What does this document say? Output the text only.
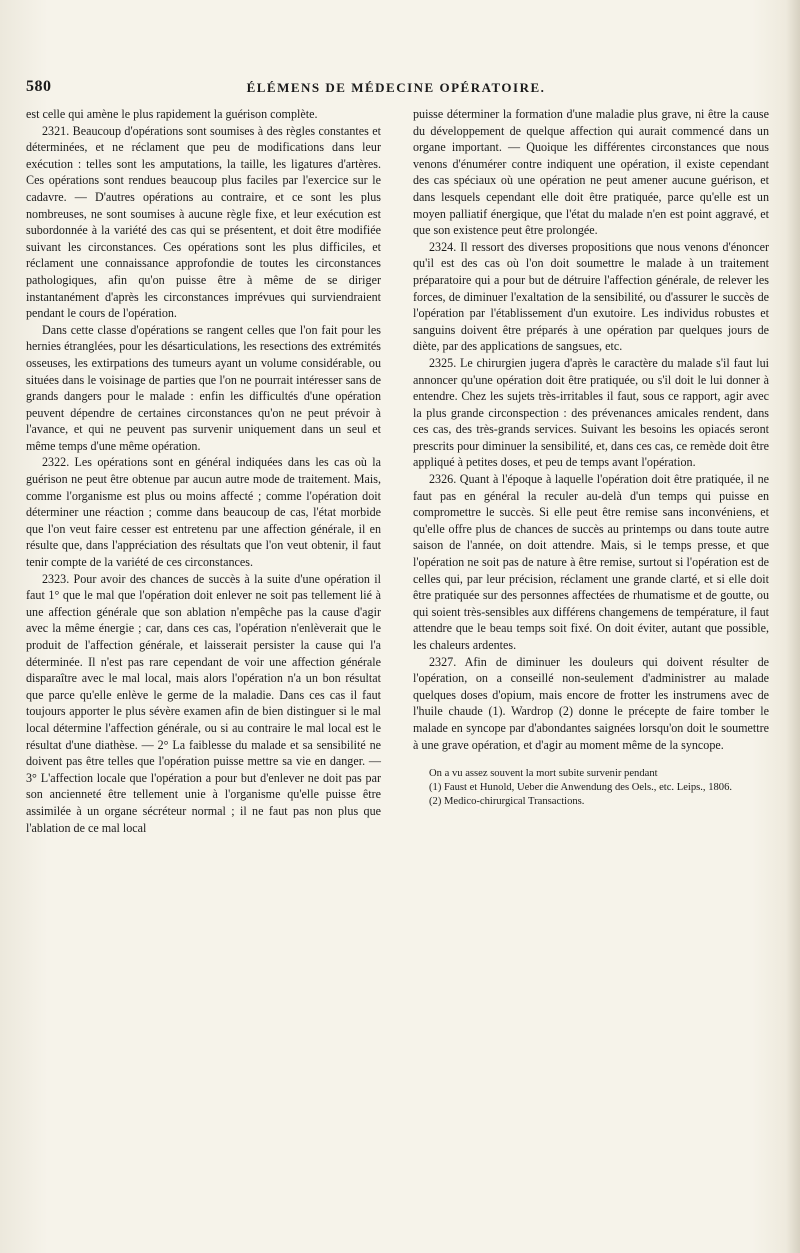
580	ÉLÉMENS DE MÉDECINE OPÉRATOIRE.

est celle qui amène le plus rapidement la guérison complète.

2321. Beaucoup d'opérations sont soumises à des règles constantes et déterminées, et ne réclament que peu de modifications dans leur exécution : telles sont les amputations, la taille, les ligatures d'artères. Ces opérations sont rendues beaucoup plus faciles par l'exercice sur le cadavre. — D'autres opérations au contraire, et ce sont les plus nombreuses, ne sont soumises à aucune règle fixe, et leur exécution est subordonnée à la variété des cas qui se présentent, et doit être modifiée suivant les circonstances. Ces opérations sont les plus difficiles, et réclament une connaissance approfondie de toutes les circonstances pathologiques, afin qu'on puisse être à même de se diriger instantanément d'après les circonstances imprévues qui surviendraient pendant le cours de l'opération.

Dans cette classe d'opérations se rangent celles que l'on fait pour les hernies étranglées, pour les désarticulations, les resections des extrémités osseuses, les extirpations des tumeurs ayant un volume considérable, ou situées dans le voisinage de parties que l'on ne pourrait intéresser sans de grands dangers pour le malade : enfin les difficultés d'une opération peuvent dépendre de certaines circonstances qu'on ne peut prévoir à l'avance, et qui ne peuvent pas survenir uniquement dans un seul et même temps d'une même opération.

2322. Les opérations sont en général indiquées dans les cas où la guérison ne peut être obtenue par aucun autre mode de traitement. Mais, comme l'organisme est plus ou moins affecté ; comme l'opération doit déterminer une réaction ; comme dans beaucoup de cas, l'état morbide que l'on veut faire cesser est entretenu par une affection générale, il en résulte que, dans l'appréciation des résultats que l'on veut obtenir, il faut tenir compte de la variété de ces circonstances.

2323. Pour avoir des chances de succès à la suite d'une opération il faut 1° que le mal que l'opération doit enlever ne soit pas tellement lié à une affection générale que son ablation n'empêche pas la cause d'agir avec la même énergie ; car, dans ces cas, l'opération n'enlèverait que le produit de l'affection générale, et laisserait persister la cause qui l'a déterminée. Il n'est pas rare cependant de voir une affection générale disparaître avec le mal local, mais alors l'opération n'a un bon résultat que parce qu'elle enlève le germe de la maladie. Dans ces cas il faut toujours apporter le plus sévère examen afin de bien distinguer si le mal local détermine l'affection générale, ou si au contraire le mal local est le résultat d'une diathèse. — 2° La faiblesse du malade et sa sensibilité ne doivent pas être telles que l'opération puisse mettre sa vie en danger. — 3° L'affection locale que l'opération a pour but d'enlever ne doit pas par son ancienneté être tellement unie à l'organisme qu'elle puisse être assimilée à un organe sécréteur normal ; il ne faut pas non plus que l'ablation de ce mal local

puisse déterminer la formation d'une maladie plus grave, ni être la cause du développement de quelque affection qui aurait commencé dans un organe important. — Quoique les différentes circonstances que nous venons d'énumérer contre indiquent une opération, il existe cependant des cas spéciaux où une opération ne peut amener aucune guérison, et dans lesquels cependant elle doit être pratiquée, parce qu'elle est un moyen palliatif énergique, que l'état du malade n'en est point aggravé, et que son existence peut être prolongée.

2324. Il ressort des diverses propositions que nous venons d'énoncer qu'il est des cas où l'on doit soumettre le malade à un traitement préparatoire qui a pour but de détruire l'affection générale, de relever les forces, de diminuer l'exaltation de la sensibilité, ou d'assurer le succès de l'opération par l'établissement d'un exutoire. Les individus robustes et sanguins doivent être préparés à une opération par quelques jours de diète, par des applications de sangsues, etc.

2325. Le chirurgien jugera d'après le caractère du malade s'il faut lui annoncer qu'une opération doit être pratiquée, ou s'il doit le lui donner à entendre. Chez les sujets très-irritables il faut, sous ce rapport, agir avec la plus grande circonspection : des prévenances amicales rendent, dans ces cas, des très-grands services. Suivant les besoins les opiacés seront prescrits pour diminuer la sensibilité, et, dans ces cas, ce remède doit être appliqué à petites doses, et peu de temps avant l'opération.

2326. Quant à l'époque à laquelle l'opération doit être pratiquée, il ne faut pas en général la reculer au-delà d'un temps qui puisse en compromettre le succès. Si elle peut être remise sans inconvéniens, et qu'elle offre plus de chances de succès au printemps ou dans toute autre saison de l'année, on doit attendre. Mais, si le temps presse, et que l'opération ne soit pas de nature à être remise, surtout si l'opération est de celles qui, par leur précision, réclament une grande clarté, et si elle doit être pratiquée sur des personnes affectées de rhumatisme et de goutte, ou qui soient très-sensibles aux différens changemens de température, il faut attendre que le beau temps soit fixé. On doit éviter, autant que possible, les chaleurs ardentes.

2327. Afin de diminuer les douleurs qui doivent résulter de l'opération, on a conseillé non-seulement d'administrer au malade quelques doses d'opium, mais encore de frotter les instrumens avec de l'huile chaude (1). Wardrop (2) donne le précepte de faire tomber le malade en syncope par d'abondantes saignées lorsqu'on doit le soumettre à une grave opération, et d'agir au moment même de la syncope.

On a vu assez souvent la mort subite survenir pendant

(1) Faust et Hunold, Ueber die Anwendung des Oels., etc. Leips., 1806.

(2) Medico-chirurgical Transactions.
